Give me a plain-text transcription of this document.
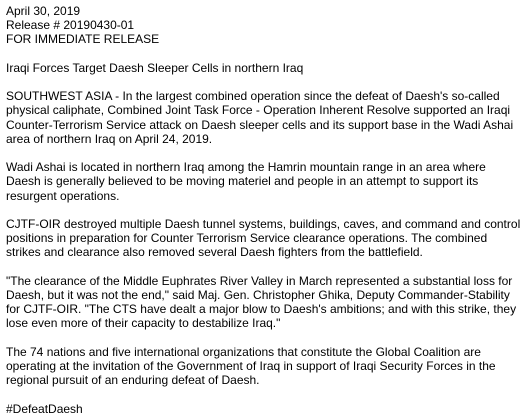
April 30, 2019
Release # 20190430-01
FOR IMMEDIATE RELEASE
Iraqi Forces Target Daesh Sleeper Cells in northern Iraq

SOUTHWEST ASIA - In the largest combined operation since the defeat of Daesh's so-called physical caliphate, Combined Joint Task Force - Operation Inherent Resolve supported an Iraqi Counter-Terrorism Service attack on Daesh sleeper cells and its support base in the Wadi Ashai area of northern Iraq on April 24, 2019.

Wadi Ashai is located in northern Iraq among the Hamrin mountain range in an area where Daesh is generally believed to be moving materiel and people in an attempt to support its resurgent operations.

CJTF-OIR destroyed multiple Daesh tunnel systems, buildings, caves, and command and control positions in preparation for Counter Terrorism Service clearance operations. The combined strikes and clearance also removed several Daesh fighters from the battlefield.

"The clearance of the Middle Euphrates River Valley in March represented a substantial loss for Daesh, but it was not the end," said Maj. Gen. Christopher Ghika, Deputy Commander-Stability for CJTF-OIR. "The CTS have dealt a major blow to Daesh's ambitions; and with this strike, they lose even more of their capacity to destabilize Iraq."

The 74 nations and five international organizations that constitute the Global Coalition are operating at the invitation of the Government of Iraq in support of Iraqi Security Forces in the regional pursuit of an enduring defeat of Daesh.

#DefeatDaesh
